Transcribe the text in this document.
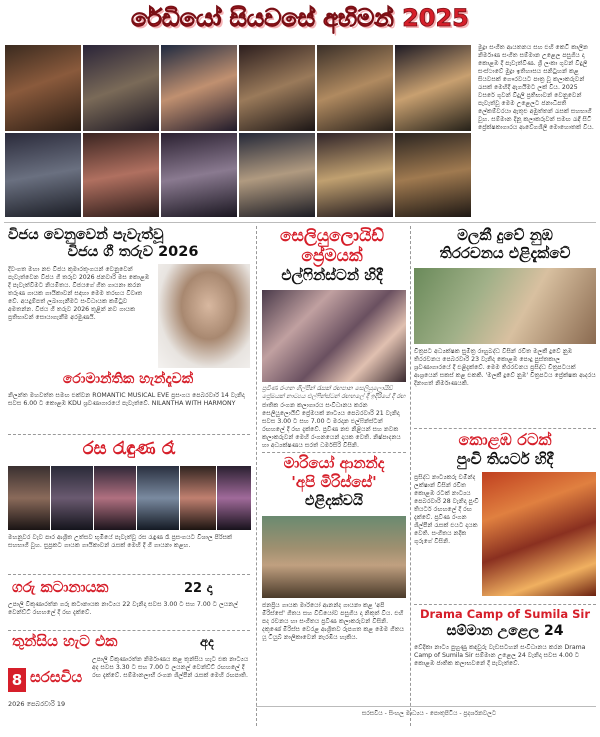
රේඩියෝ සියවසේ අභිමන් 2025
මුද්‍රා සංගීත ආයතනය සහ එහි කෙටි කාලීන නිර්මාණ සංගීත සම්මාන උළෙල පසුගිය දා කොළඹ දී පැවැත්විණ. ශ්‍රී ලංකා ගුවන් විදුලි සංස්ථාවේ මුද්‍රා ඉතිහාසය සනිටුහන් කළ සියවසක් ගෞරවයට පාත්‍ර වූ කලාකරුවන් රැසක් මෙහිදී ඇගයීමට ලක් විය. 2025 වසරේ ගුවන් විදුලි ප්‍රතිභාවන් වෙනුවෙන් පැවැත්වූ මෙම උළෙලට ජනාධිපති ලේකම්වරයා ඇතුළු අමුත්තන් රැසක් සහභාගී වූහ. සම්මාන දිනූ කලාකරුවන් සමඟ රැඳී සිටි ප්‍රේක්ෂකාගාරය ආවේගශීලී මොහොතක් විය.
විජය වෙනුවෙන් පැවැත්වූ
විජය ගී තරුව 2026
දිවංගත මහා නළු විජය කුමාරතුංගයන් වෙනුවෙන් පැවැත්වෙන විජය ගී තරුව 2026 ජනවාරි මස කොළඹ දී පැවැත්වීමට නියමිතය. විජයගේ ගීත ගායනා කරන තරුණ ගායක ගායිකාවන් සඳහා මෙම තරඟය විවෘත වේ. අයදුම්පත් ලබාගැනීමට සංවිධායක කමිටුව අමතන්න. විජය ගී තරුව 2026 තුළින් නව ගායක ප්‍රතිභාවන් සොයාගැනීම අරමුණයි.
රොමාන්තික හැන්දෑවක්
නිලන්ත මහවත්ත සමඟ එක්වන ROMANTIC MUSICAL EVE ප්‍රසංගය පෙබරවාරි 14 වැනිදා සවස 6.00 ට කොළඹ KDU ශ්‍රවණාගාරයේ පැවැත්වේ. NILANTHA WITH HARMONY
රස රැඳුණ රෑ
මහනුවර වැව පාර ආශ්‍රිත උත්සව භූමියේ පැවැත්වූ රස රැඳුණ රෑ ප්‍රසංගයට විශාල පිරිසක් සහභාගී වූහ. සුප්‍රකට ගායක ගායිකාවන් රැසක් මෙහි දී ගී ගායනා කළහ.
ගරු කටානායක	22 දා
උපාලි විකුණාරත්න ගරු කටානායක නාට්‍යය 22 වැනිදා සවස 3.00 ට සහ 7.00 ට ලයනල් වෙන්ඩ්ට් රඟහලේ දී රඟ දැක්වේ.
තුන්සිය හැට එක	අද
උපාලි විකුණාරත්න නිර්මාණය කළ තුන්සිය හැට එක නාට්‍යය අද සවස 3.30 ට සහ 7.00 ට ලයනල් වෙන්ඩ්ට් රඟහලේ දී රඟ දැක්වේ. සම්මානලාභී රංගන ශිල්පීන් රැසක් මෙහි රඟපාති.
8 සරසවිය
2026 පෙබරවාරි 19
සෙලියුලොයිඩ්
ප්‍රේමයක්
එල්ෆින්ස්ටන් හිදී
ප්‍රවීණ රංගන ශිල්පීන් රැසක් රඟපාන සෙලියුලොයිඩ් ප්‍රේමයක් නාට්‍යය එල්ෆින්ස්ටන් රඟහලේ දී ඉදිරියේ දී රඟ
ජාතික රංගන කලාගාරය සංවිධානය කරන සෙලියුලොයිඩ් ප්‍රේමයක් නාට්‍යය පෙබරවාරි 21 වැනිදා සවස 3.00 ට සහ 7.00 ට මරදාන එල්ෆින්ස්ටන් රඟහලේ දී රඟ දැක්වේ. ප්‍රවීණ නළු නිළියන් සහ නවක කලාකරුවන් මෙහි රංගනයෙන් දායක වෙති. නිෂ්පාදනය හා අධ්‍යක්ෂණය සරත් ධර්මසිරි විසිනි.
මාරියෝ ආනන්ද
'අපි මිරිස්සේ'
එළිදක්වයි
ජනප්‍රිය ගායක මාරියෝ ආනන්ද ගායනා කළ 'අපි මිරිස්සේ' ගීතය සහ වීඩියෝව පසුගිය දා නිකුත් විය. එහි පද රචනය හා සංගීතය ප්‍රවීණ කලාකරුවන් විසිනි. දකුණේ මිරිස්ස වෙරළ ආශ්‍රිතව රූපගත කළ මෙම ගීතය යූ ටියුබ් නාලිකාවෙන් නැරඹිය හැකිය.
මලකී දුවේ නුඹ
තිරරචනය එළිදැක්වේ
චිත්‍රපට අධ්‍යක්ෂක සුමිත්‍ර රාහුබද්ධ විසින් රචිත මලකී දුවේ නුඹ තිරරචනය පෙබරවාරි 23 වැනිදා කොළඹ පොදු පුස්තකාල ශ්‍රවණාගාරයේ දී එළිදැක්වේ. මෙම තිරරචනය ප්‍රසිද්ධ චිත්‍රපටයක් ආශ්‍රයෙන් සකස් කළ එකකි. 'මලකී දුවේ නුඹ' චිත්‍රපටය ප්‍රේක්ෂක ආදරය දිනාගත් නිර්මාණයකි.
කොළඹ රටක්
පුංචි තියටර් හිදී
ප්‍රසිද්ධ නාට්‍යකරු චමින්ද ලක්ෂාන් විසින් රචිත කොළඹ රටක් නාට්‍යය පෙබරවාරි 28 වැනිදා පුංචි තියටර් රඟහලේ දී රඟ දැක්වේ. ප්‍රවීණ රංගන ශිල්පීන් රැසක් එයට දායක වෙති. සංගීතය නදීක ගුරුගේ විසිනි.
Drama Camp of Sumila Sir
සම්මාන උළෙල 24
වේදිකා නාට්‍ය පුහුණු කඳවුරු වැඩසටහන් සංවිධානය කරන Drama Camp of Sumila Sir සම්මාන උළෙල 24 වැනිදා සවස 4.00 ට කොළඹ ජාතික කලාභවනේ දී පැවැත්වේ.
සරසවිය - සිංහල මාධ්‍යය - පොතුපිටිය - ප්‍රදර්ශනවලට
